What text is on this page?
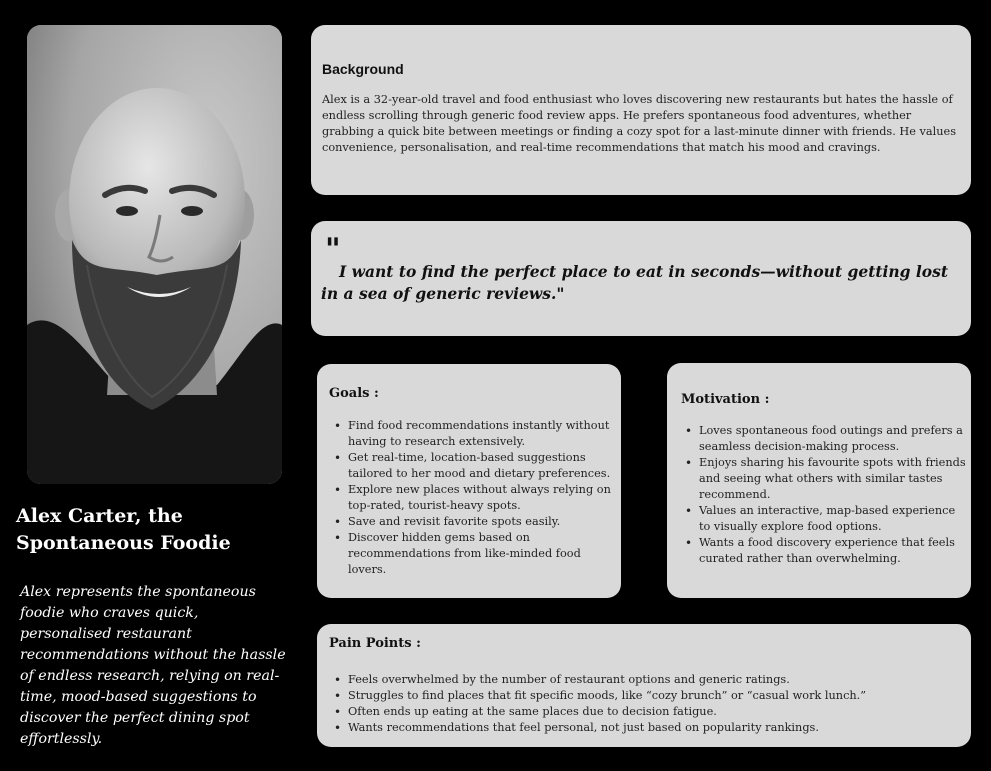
Alex Carter, the Spontaneous Foodie
Alex represents the spontaneous foodie who craves quick, personalised restaurant recommendations without the hassle of endless research, relying on real-time, mood-based suggestions to discover the perfect dining spot effortlessly.
Background
Alex is a 32-year-old travel and food enthusiast who loves discovering new restaurants but hates the hassle of endless scrolling through generic food review apps. He prefers spontaneous food adventures, whether grabbing a quick bite between meetings or finding a cozy spot for a last-minute dinner with friends. He values convenience, personalisation, and real-time recommendations that match his mood and cravings.
"
I want to find the perfect place to eat in seconds—without getting lost in a sea of generic reviews."
Goals :
• Find food recommendations instantly without having to research extensively.
• Get real-time, location-based suggestions tailored to her mood and dietary preferences.
• Explore new places without always relying on top-rated, tourist-heavy spots.
• Save and revisit favorite spots easily.
• Discover hidden gems based on recommendations from like-minded food lovers.
Motivation :
• Loves spontaneous food outings and prefers a seamless decision-making process.
• Enjoys sharing his favourite spots with friends and seeing what others with similar tastes recommend.
• Values an interactive, map-based experience to visually explore food options.
• Wants a food discovery experience that feels curated rather than overwhelming.
Pain Points :
• Feels overwhelmed by the number of restaurant options and generic ratings.
• Struggles to find places that fit specific moods, like “cozy brunch” or “casual work lunch.”
• Often ends up eating at the same places due to decision fatigue.
• Wants recommendations that feel personal, not just based on popularity rankings.
